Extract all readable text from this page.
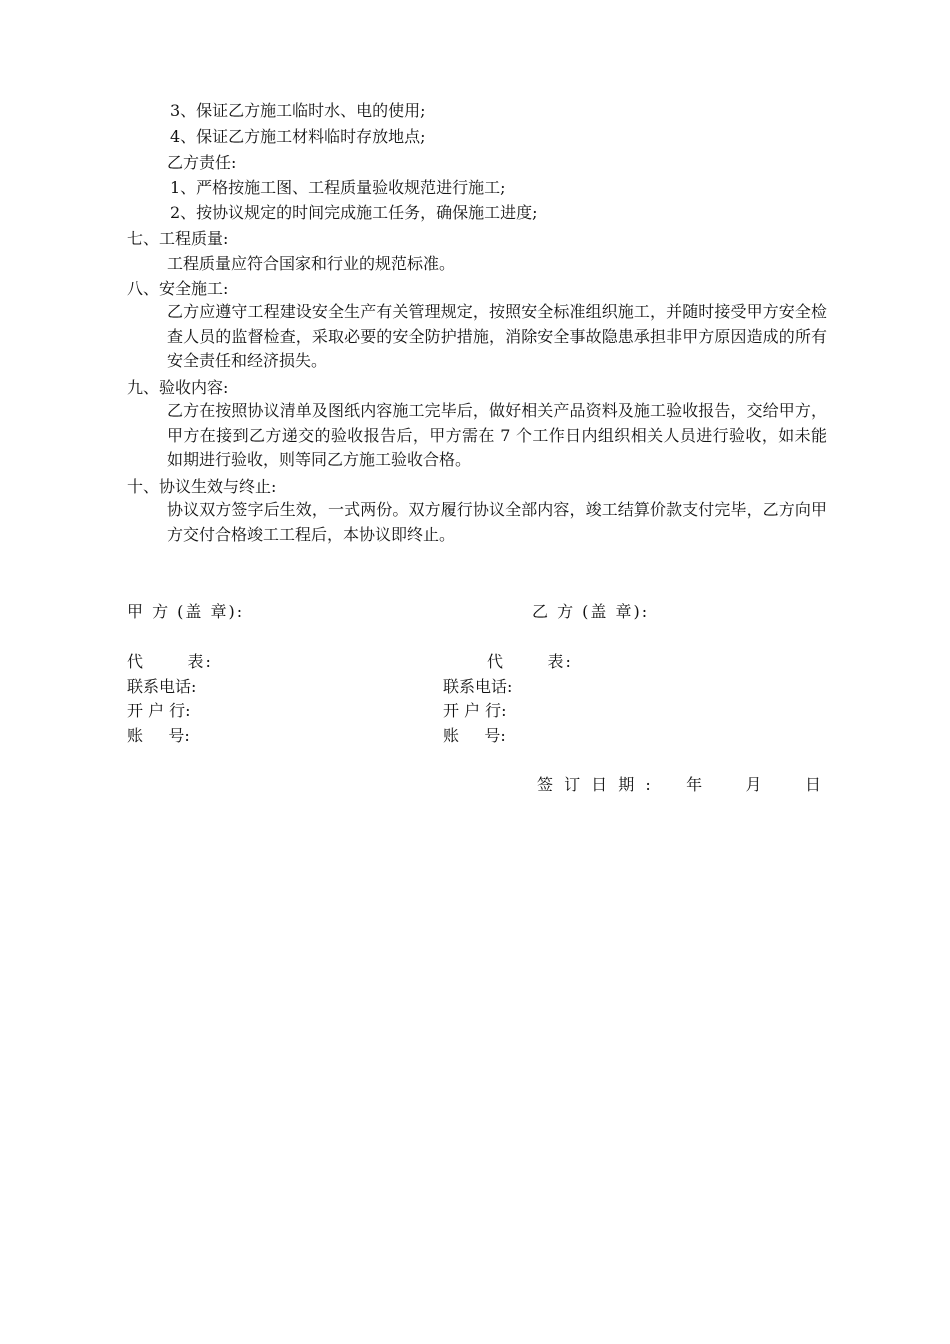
3、保证乙方施工临时水、电的使用;
4、保证乙方施工材料临时存放地点;
乙方责任:
1、严格按施工图、工程质量验收规范进行施工;
2、按协议规定的时间完成施工任务，确保施工进度;
七、工程质量:
工程质量应符合国家和行业的规范标准。
八、安全施工:
乙方应遵守工程建设安全生产有关管理规定，按照安全标准组织施工，并随时接受甲方安全检查人员的监督检查，采取必要的安全防护措施，消除安全事故隐患承担非甲方原因造成的所有安全责任和经济损失。
九、验收内容:
乙方在按照协议清单及图纸内容施工完毕后，做好相关产品资料及施工验收报告，交给甲方，甲方在接到乙方递交的验收报告后，甲方需在 7 个工作日内组织相关人员进行验收，如未能如期进行验收，则等同乙方施工验收合格。
十、协议生效与终止:
协议双方签字后生效，一式两份。双方履行协议全部内容，竣工结算价款支付完毕，乙方向甲方交付合格竣工工程后，本协议即终止。
甲 方 (盖 章):	乙 方 (盖 章):
代      表:	代      表:
联系电话:	联系电话:
开 户 行:	开 户 行:
账     号:	账     号:
签 订 日 期 :    年     月     日
